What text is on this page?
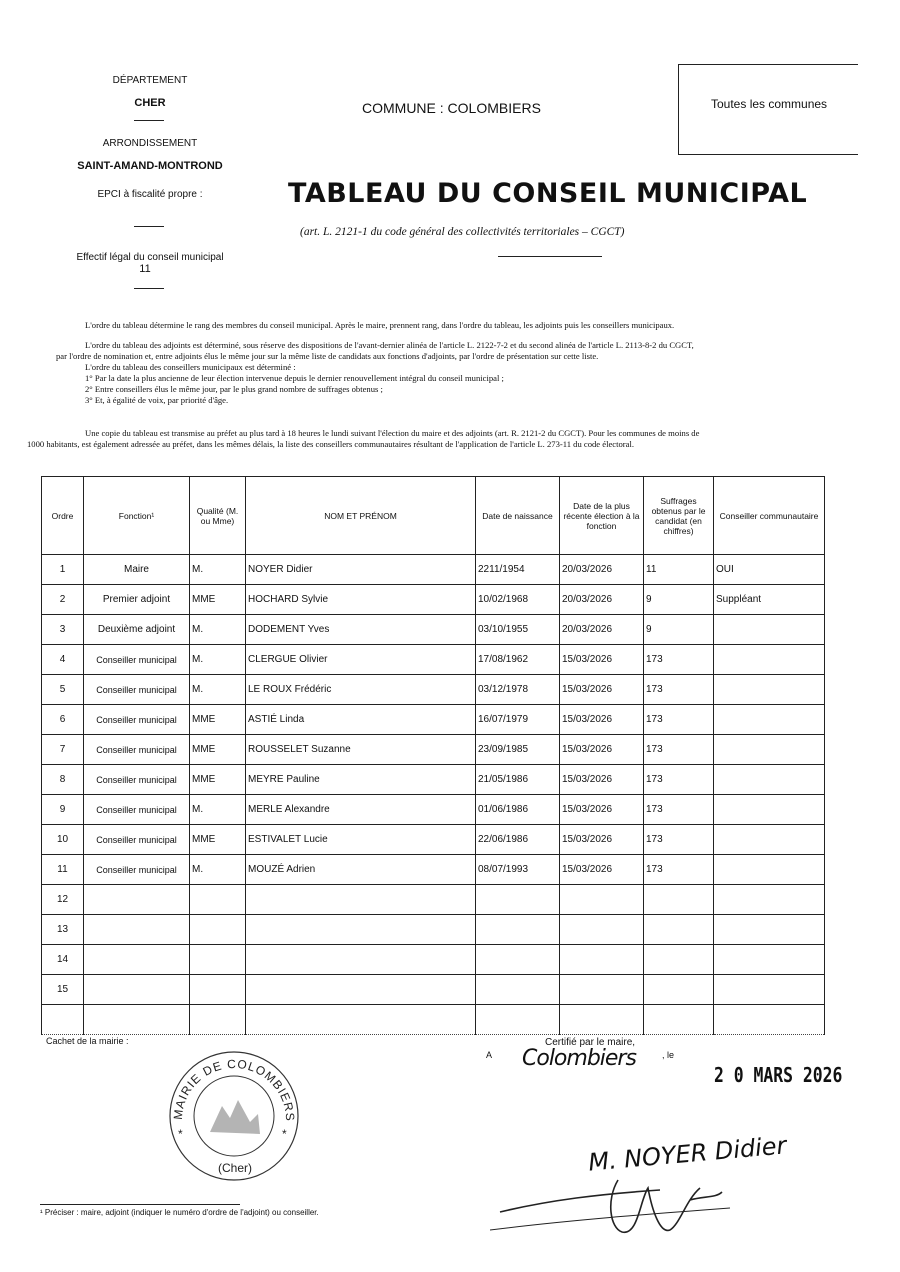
DÉPARTEMENT
CHER
ARRONDISSEMENT
SAINT-AMAND-MONTROND
EPCI à fiscalité propre :
Effectif légal du conseil municipal
11
COMMUNE : COLOMBIERS	Toutes les communes
TABLEAU DU CONSEIL MUNICIPAL
(art. L. 2121-1 du code général des collectivités territoriales – CGCT)
L'ordre du tableau détermine le rang des membres du conseil municipal. Après le maire, prennent rang, dans l'ordre du tableau, les adjoints puis les conseillers municipaux.
L'ordre du tableau des adjoints est déterminé, sous réserve des dispositions de l'avant-dernier alinéa de l'article L. 2122-7-2 et du second alinéa de l'article L. 2113-8-2 du CGCT,
par l'ordre de nomination et, entre adjoints élus le même jour sur la même liste de candidats aux fonctions d'adjoints, par l'ordre de présentation sur cette liste.
L'ordre du tableau des conseillers municipaux est déterminé :
1° Par la date la plus ancienne de leur élection intervenue depuis le dernier renouvellement intégral du conseil municipal ;
2° Entre conseillers élus le même jour, par le plus grand nombre de suffrages obtenus ;
3° Et, à égalité de voix, par priorité d'âge.
Une copie du tableau est transmise au préfet au plus tard à 18 heures le lundi suivant l'élection du maire et des adjoints (art. R. 2121-2 du CGCT). Pour les communes de moins de
1000 habitants, est également adressée au préfet, dans les mêmes délais, la liste des conseillers communautaires résultant de l'application de l'article L. 273-11 du code électoral.
Ordre	Fonction¹	Qualité (M. ou Mme)	NOM ET PRÉNOM	Date de naissance	Date de la plus récente élection à la fonction	Suffrages obtenus par le candidat (en chiffres)	Conseiller communautaire
1	Maire	M.	NOYER Didier	2211/1954	20/03/2026	11	OUI
2	Premier adjoint	MME	HOCHARD Sylvie	10/02/1968	20/03/2026	9	Suppléant
3	Deuxième adjoint	M.	DODEMENT Yves	03/10/1955	20/03/2026	9	
4	Conseiller municipal	M.	CLERGUE Olivier	17/08/1962	15/03/2026	173	
5	Conseiller municipal	M.	LE ROUX Frédéric	03/12/1978	15/03/2026	173	
6	Conseiller municipal	MME	ASTIÉ Linda	16/07/1979	15/03/2026	173	
7	Conseiller municipal	MME	ROUSSELET Suzanne	23/09/1985	15/03/2026	173	
8	Conseiller municipal	MME	MEYRE Pauline	21/05/1986	15/03/2026	173	
9	Conseiller municipal	M.	MERLE Alexandre	01/06/1986	15/03/2026	173	
10	Conseiller municipal	MME	ESTIVALET Lucie	22/06/1986	15/03/2026	173	
11	Conseiller municipal	M.	MOUZÉ Adrien	08/07/1993	15/03/2026	173	
12							
13							
14							
15							

Cachet de la mairie :
MAIRIE DE COLOMBIERS
*	*
(Cher)
Certifié par le maire,
A Colombiers	, le
2 0 MARS 2026
M. NOYER Didier
¹ Préciser : maire, adjoint (indiquer le numéro d'ordre de l'adjoint) ou conseiller.
